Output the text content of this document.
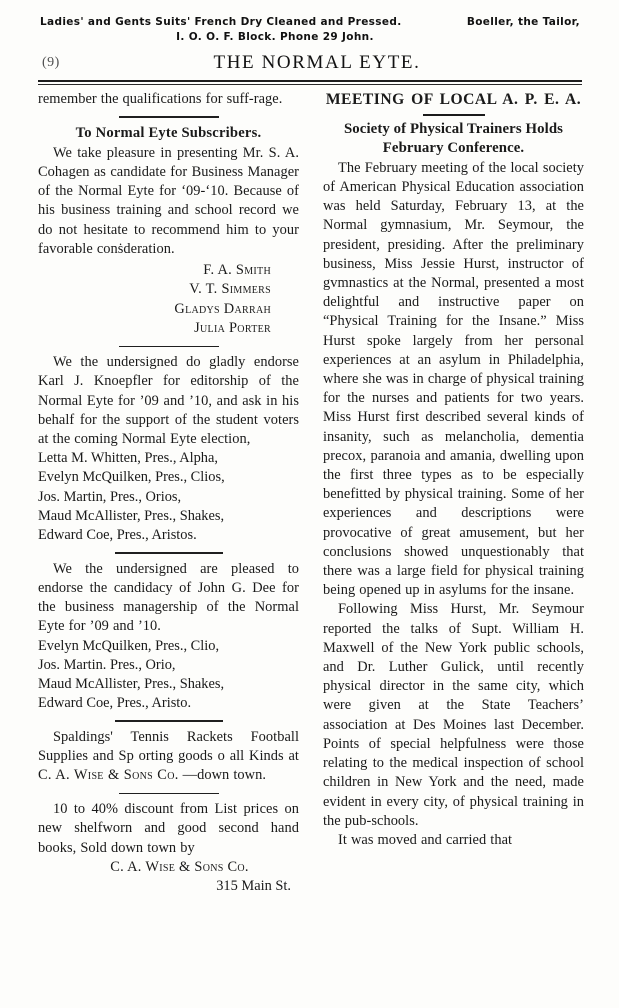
Ladies' and Gents Suits' French Dry Cleaned and Pressed.	Boeller, the Tailor,
I. O. O. F. Block. Phone 29 John.
(9)	THE NORMAL EYTE.

remember the qualifications for suff-rage.

To Normal Eyte Subscribers.

We take pleasure in presenting Mr. S. A. Cohagen as candidate for Business Manager of the Normal Eyte for ‘09-‘10. Because of his business training and school record we do not hesitate to recommend him to your favorable conṡderation.

F. A. Smith
V. T. Simmers
Gladys Darrah
Julia Porter

We the undersigned do gladly endorse Karl J. Knoepfler for editorship of the Normal Eyte for ’09 and ’10, and ask in his behalf for the support of the student voters at the coming Normal Eyte election,

Letta M. Whitten, Pres., Alpha,
Evelyn McQuilken, Pres., Clios,
Jos. Martin, Pres., Orios,
Maud McAllister, Pres., Shakes,
Edward Coe, Pres., Aristos.

We the undersigned are pleased to endorse the candidacy of John G. Dee for the business managership of the Normal Eyte for ’09 and ’10.

Evelyn McQuilken, Pres., Clio,
Jos. Martin. Pres., Orio,
Maud McAllister, Pres., Shakes,
Edward Coe, Pres., Aristo.

Spaldings' Tennis Rackets Football Supplies and Sp orting goods o all Kinds at C. A. Wise & Sons Co. —down town.

10 to 40% discount from List prices on new shelfworn and good second hand books, Sold down town by

C. A. Wise & Sons Co.

315 Main St.

MEETING OF LOCAL A. P. E. A.
Society of Physical Trainers Holds
February Conference.

The February meeting of the local society of American Physical Education association was held Saturday, February 13, at the Normal gymnasium, Mr. Seymour, the president, presiding. After the preliminary business, Miss Jessie Hurst, instructor of gvmnastics at the Normal, presented a most delightful and instructive paper on “Physical Training for the Insane.” Miss Hurst spoke largely from her personal experiences at an asylum in Philadelphia, where she was in charge of physical training for the nurses and patients for two years. Miss Hurst first described several kinds of insanity, such as melancholia, dementia precox, paranoia and amania, dwelling upon the first three types as to be especially benefitted by physical training. Some of her experiences and descriptions were provocative of great amusement, but her conclusions showed unquestionably that there was a large field for physical training being opened up in asylums for the insane.

Following Miss Hurst, Mr. Seymour reported the talks of Supt. William H. Maxwell of the New York public schools, and Dr. Luther Gulick, until recently physical director in the same city, which were given at the State Teachers’ association at Des Moines last December. Points of special helpfulness were those relating to the medical inspection of school children in New York and the need, made evident in every city, of physical training in the pub-schools.

It was moved and carried that
